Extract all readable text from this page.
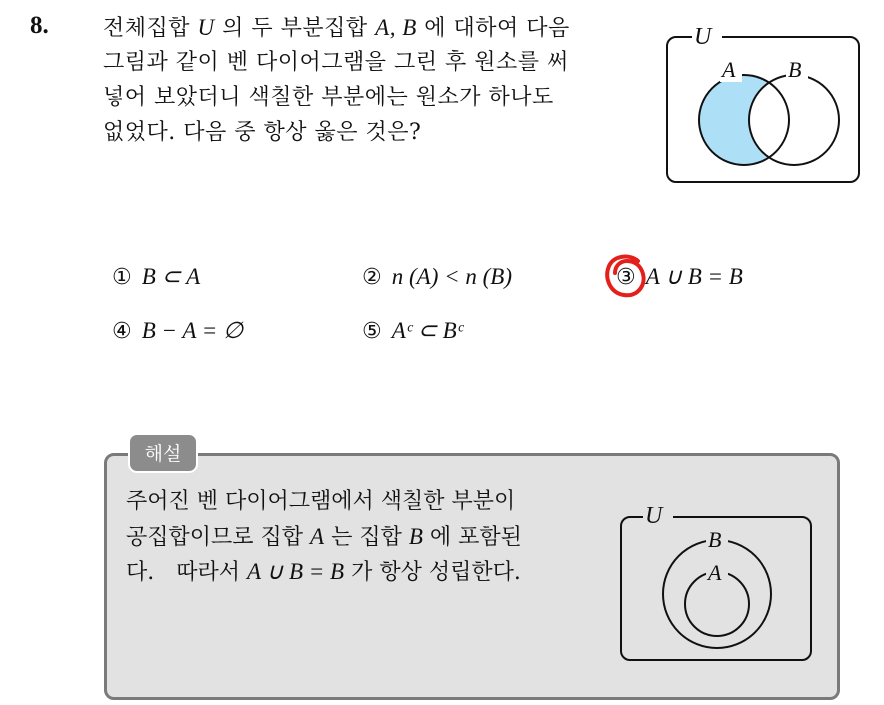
8. 전체집합 U 의 두 부분집합 A, B 에 대하여 다음
그림과 같이 벤 다이어그램을 그린 후 원소를 써
넣어 보았더니 색칠한 부분에는 원소가 하나도
없었다. 다음 중 항상 옳은 것은?
U
A B
① B ⊂ A	② n (A) < n (B)	③ A ∪ B = B
④ B − A = ∅	⑤ Aᶜ ⊂ Bᶜ
해설
주어진 벤 다이어그램에서 색칠한 부분이
공집합이므로 집합 A 는 집합 B 에 포함된
다.　따라서 A ∪ B = B 가 항상 성립한다.
U
B
A
